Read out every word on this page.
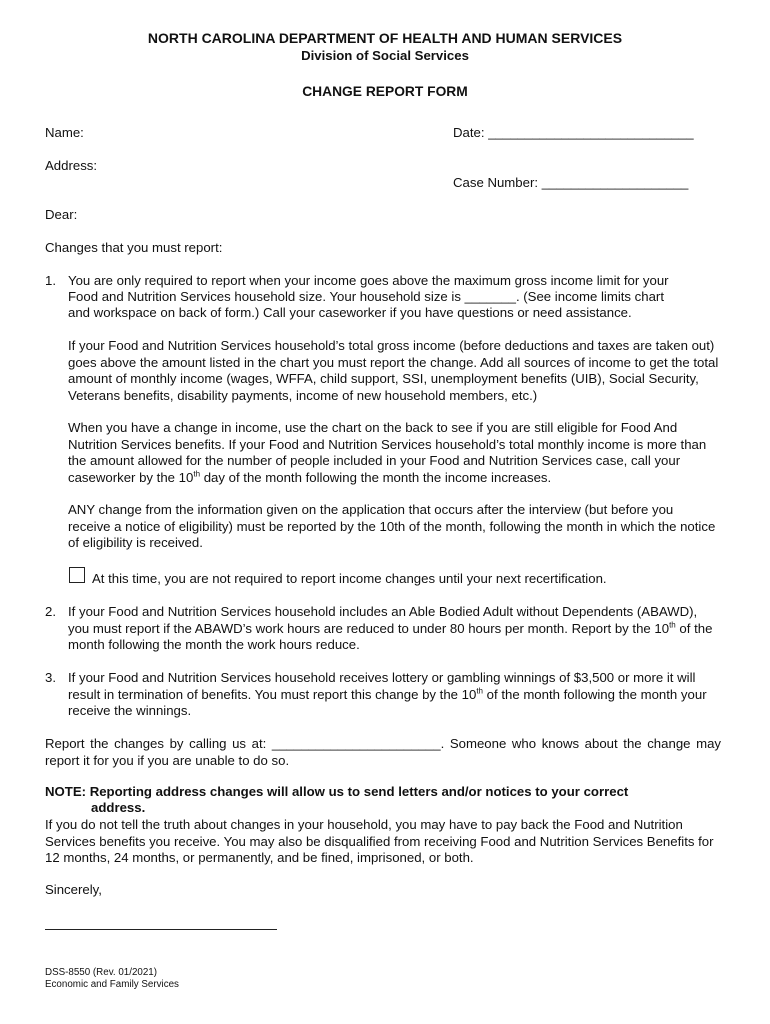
NORTH CAROLINA DEPARTMENT OF HEALTH AND HUMAN SERVICES
Division of Social Services
CHANGE REPORT FORM
Name:	Date: ____________________________
Address:
Case Number: ____________________
Dear:
Changes that you must report:
1. You are only required to report when your income goes above the maximum gross income limit for your
Food and Nutrition Services household size. Your household size is _______. (See income limits chart
and workspace on back of form.) Call your caseworker if you have questions or need assistance.
If your Food and Nutrition Services household’s total gross income (before deductions and taxes are taken out) goes above the amount listed in the chart you must report the change. Add all sources of income to get the total amount of monthly income (wages, WFFA, child support, SSI, unemployment benefits (UIB), Social Security, Veterans benefits, disability payments, income of new household members, etc.)
When you have a change in income, use the chart on the back to see if you are still eligible for Food And Nutrition Services benefits. If your Food and Nutrition Services household’s total monthly income is more than the amount allowed for the number of people included in your Food and Nutrition Services case, call your caseworker by the 10th day of the month following the month the income increases.
ANY change from the information given on the application that occurs after the interview (but before you receive a notice of eligibility) must be reported by the 10th of the month, following the month in which the notice of eligibility is received.
At this time, you are not required to report income changes until your next recertification.
2. If your Food and Nutrition Services household includes an Able Bodied Adult without Dependents (ABAWD), you must report if the ABAWD’s work hours are reduced to under 80 hours per month. Report by the 10th of the month following the month the work hours reduce.
3. If your Food and Nutrition Services household receives lottery or gambling winnings of $3,500 or more it will result in termination of benefits. You must report this change by the 10th of the month following the month your receive the winnings.
Report the changes by calling us at: _______________________. Someone who knows about the change may report it for you if you are unable to do so.
NOTE: Reporting address changes will allow us to send letters and/or notices to your correct
address.
If you do not tell the truth about changes in your household, you may have to pay back the Food and Nutrition Services benefits you receive. You may also be disqualified from receiving Food and Nutrition Services Benefits for 12 months, 24 months, or permanently, and be fined, imprisoned, or both.
Sincerely,
DSS-8550 (Rev. 01/2021)
Economic and Family Services
